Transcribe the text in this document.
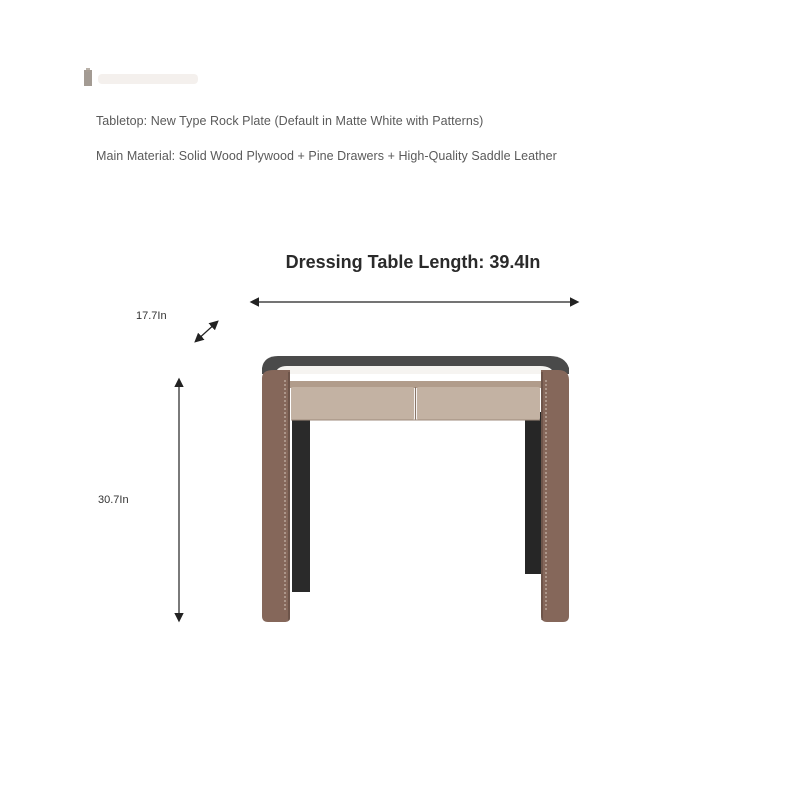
Tabletop: New Type Rock Plate (Default in Matte White with Patterns)
Main Material: Solid Wood Plywood + Pine Drawers + High-Quality Saddle Leather
Dressing Table Length: 39.4In
17.7In
30.7In
